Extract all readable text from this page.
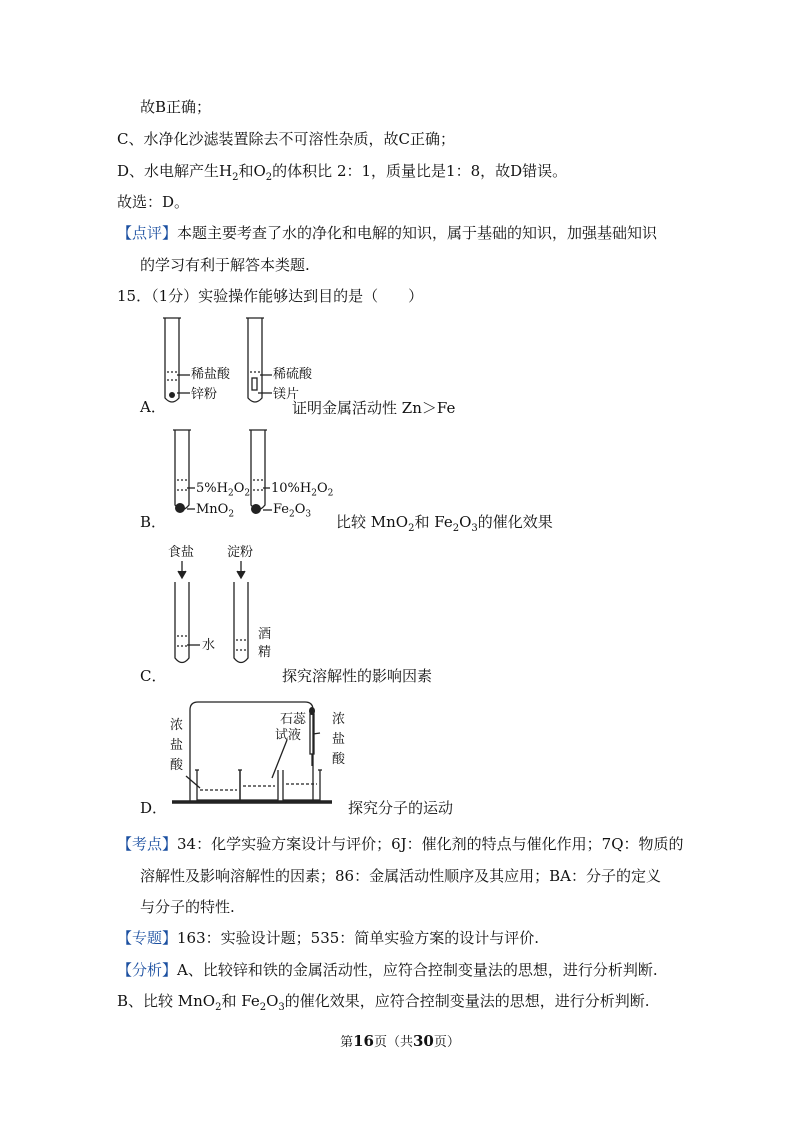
故B正确；
C、水净化沙滤装置除去不可溶性杂质，故C正确；
D、水电解产生$H_2$和$O_2$的体积比 2：1，质量比是1：8，故D错误。
故选：D。
【点评】本题主要考查了水的净化和电解的知识，属于基础的知识，加强基础知识
的学习有利于解答本类题.
15．（1分）实验操作能够达到目的是（　　）
稀盐酸
锌粉
稀硫酸
镁片
A．	证明金属活动性 Zn＞Fe
$5\%H_2O_2$
MnO$_2$
$10\%H_2O_2$
$Fe_2O_3$
B．	比较 MnO$_2$和 $Fe_2O_3$的催化效果
食盐	淀粉
水
酒
精
C．	探究溶解性的影响因素
浓
盐
酸
石蕊
试液
浓
盐
酸
D．	探究分子的运动
【考点】34：化学实验方案设计与评价；6J：催化剂的特点与催化作用；7Q：物质的
溶解性及影响溶解性的因素；86：金属活动性顺序及其应用；BA：分子的定义
与分子的特性.
【专题】163：实验设计题；535：简单实验方案的设计与评价.
【分析】A、比较锌和铁的金属活动性，应符合控制变量法的思想，进行分析判断.
B、比较 MnO$_2$和 $Fe_2O_3$的催化效果，应符合控制变量法的思想，进行分析判断.
第16页（共30页）
